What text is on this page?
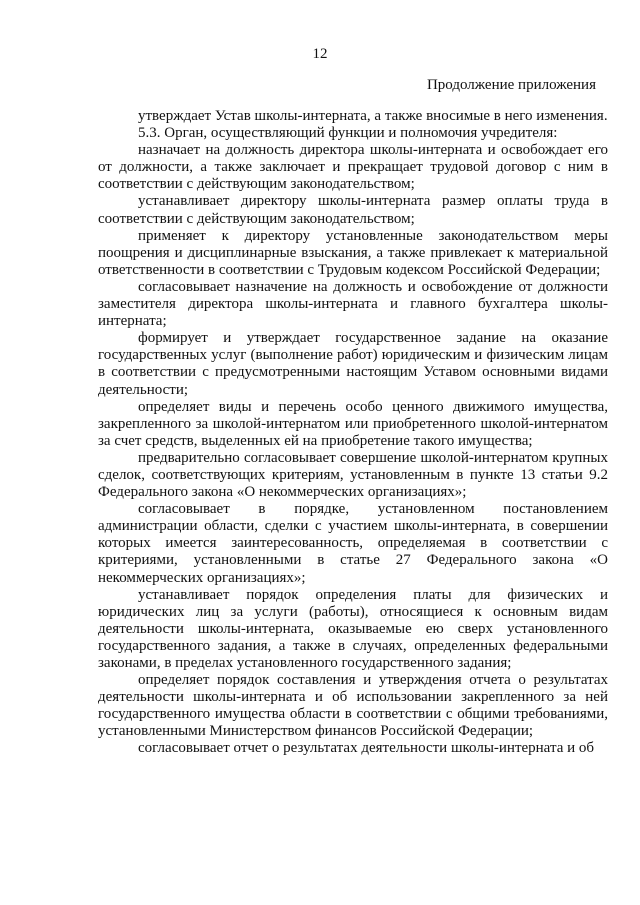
12
Продолжение приложения

утверждает Устав школы-интерната, а также вносимые в него изменения.

5.3. Орган, осуществляющий функции и полномочия учредителя:

назначает на должность директора школы-интерната и освобождает его от должности, а также заключает и прекращает трудовой договор с ним в соответствии с действующим законодательством;

устанавливает директору школы-интерната размер оплаты труда в соответствии с действующим законодательством;

применяет к директору установленные законодательством меры поощрения и дисциплинарные взыскания, а также привлекает к материальной ответственности в соответствии с Трудовым кодексом Российской Федерации;

согласовывает назначение на должность и освобождение от должности заместителя директора школы-интерната и главного бухгалтера школы-интерната;

формирует и утверждает государственное задание на оказание государственных услуг (выполнение работ) юридическим и физическим лицам в соответствии с предусмотренными настоящим Уставом основными видами деятельности;

определяет виды и перечень особо ценного движимого имущества, закрепленного за школой-интернатом или приобретенного школой-интернатом за счет средств, выделенных ей на приобретение такого имущества;

предварительно согласовывает совершение школой-интернатом крупных сделок, соответствующих критериям, установленным в пункте 13 статьи 9.2 Федерального закона «О некоммерческих организациях»;

согласовывает в порядке, установленном постановлением администрации области, сделки с участием школы-интерната, в совершении которых имеется заинтересованность, определяемая в соответствии с критериями, установленными в статье 27 Федерального закона «О некоммерческих организациях»;

устанавливает порядок определения платы для физических и юридических лиц за услуги (работы), относящиеся к основным видам деятельности школы-интерната, оказываемые ею сверх установленного государственного задания, а также в случаях, определенных федеральными законами, в пределах установленного государственного задания;

определяет порядок составления и утверждения отчета о результатах деятельности школы-интерната и об использовании закрепленного за ней государственного имущества области в соответствии с общими требованиями, установленными Министерством финансов Российской Федерации;

согласовывает отчет о результатах деятельности школы-интерната и об
